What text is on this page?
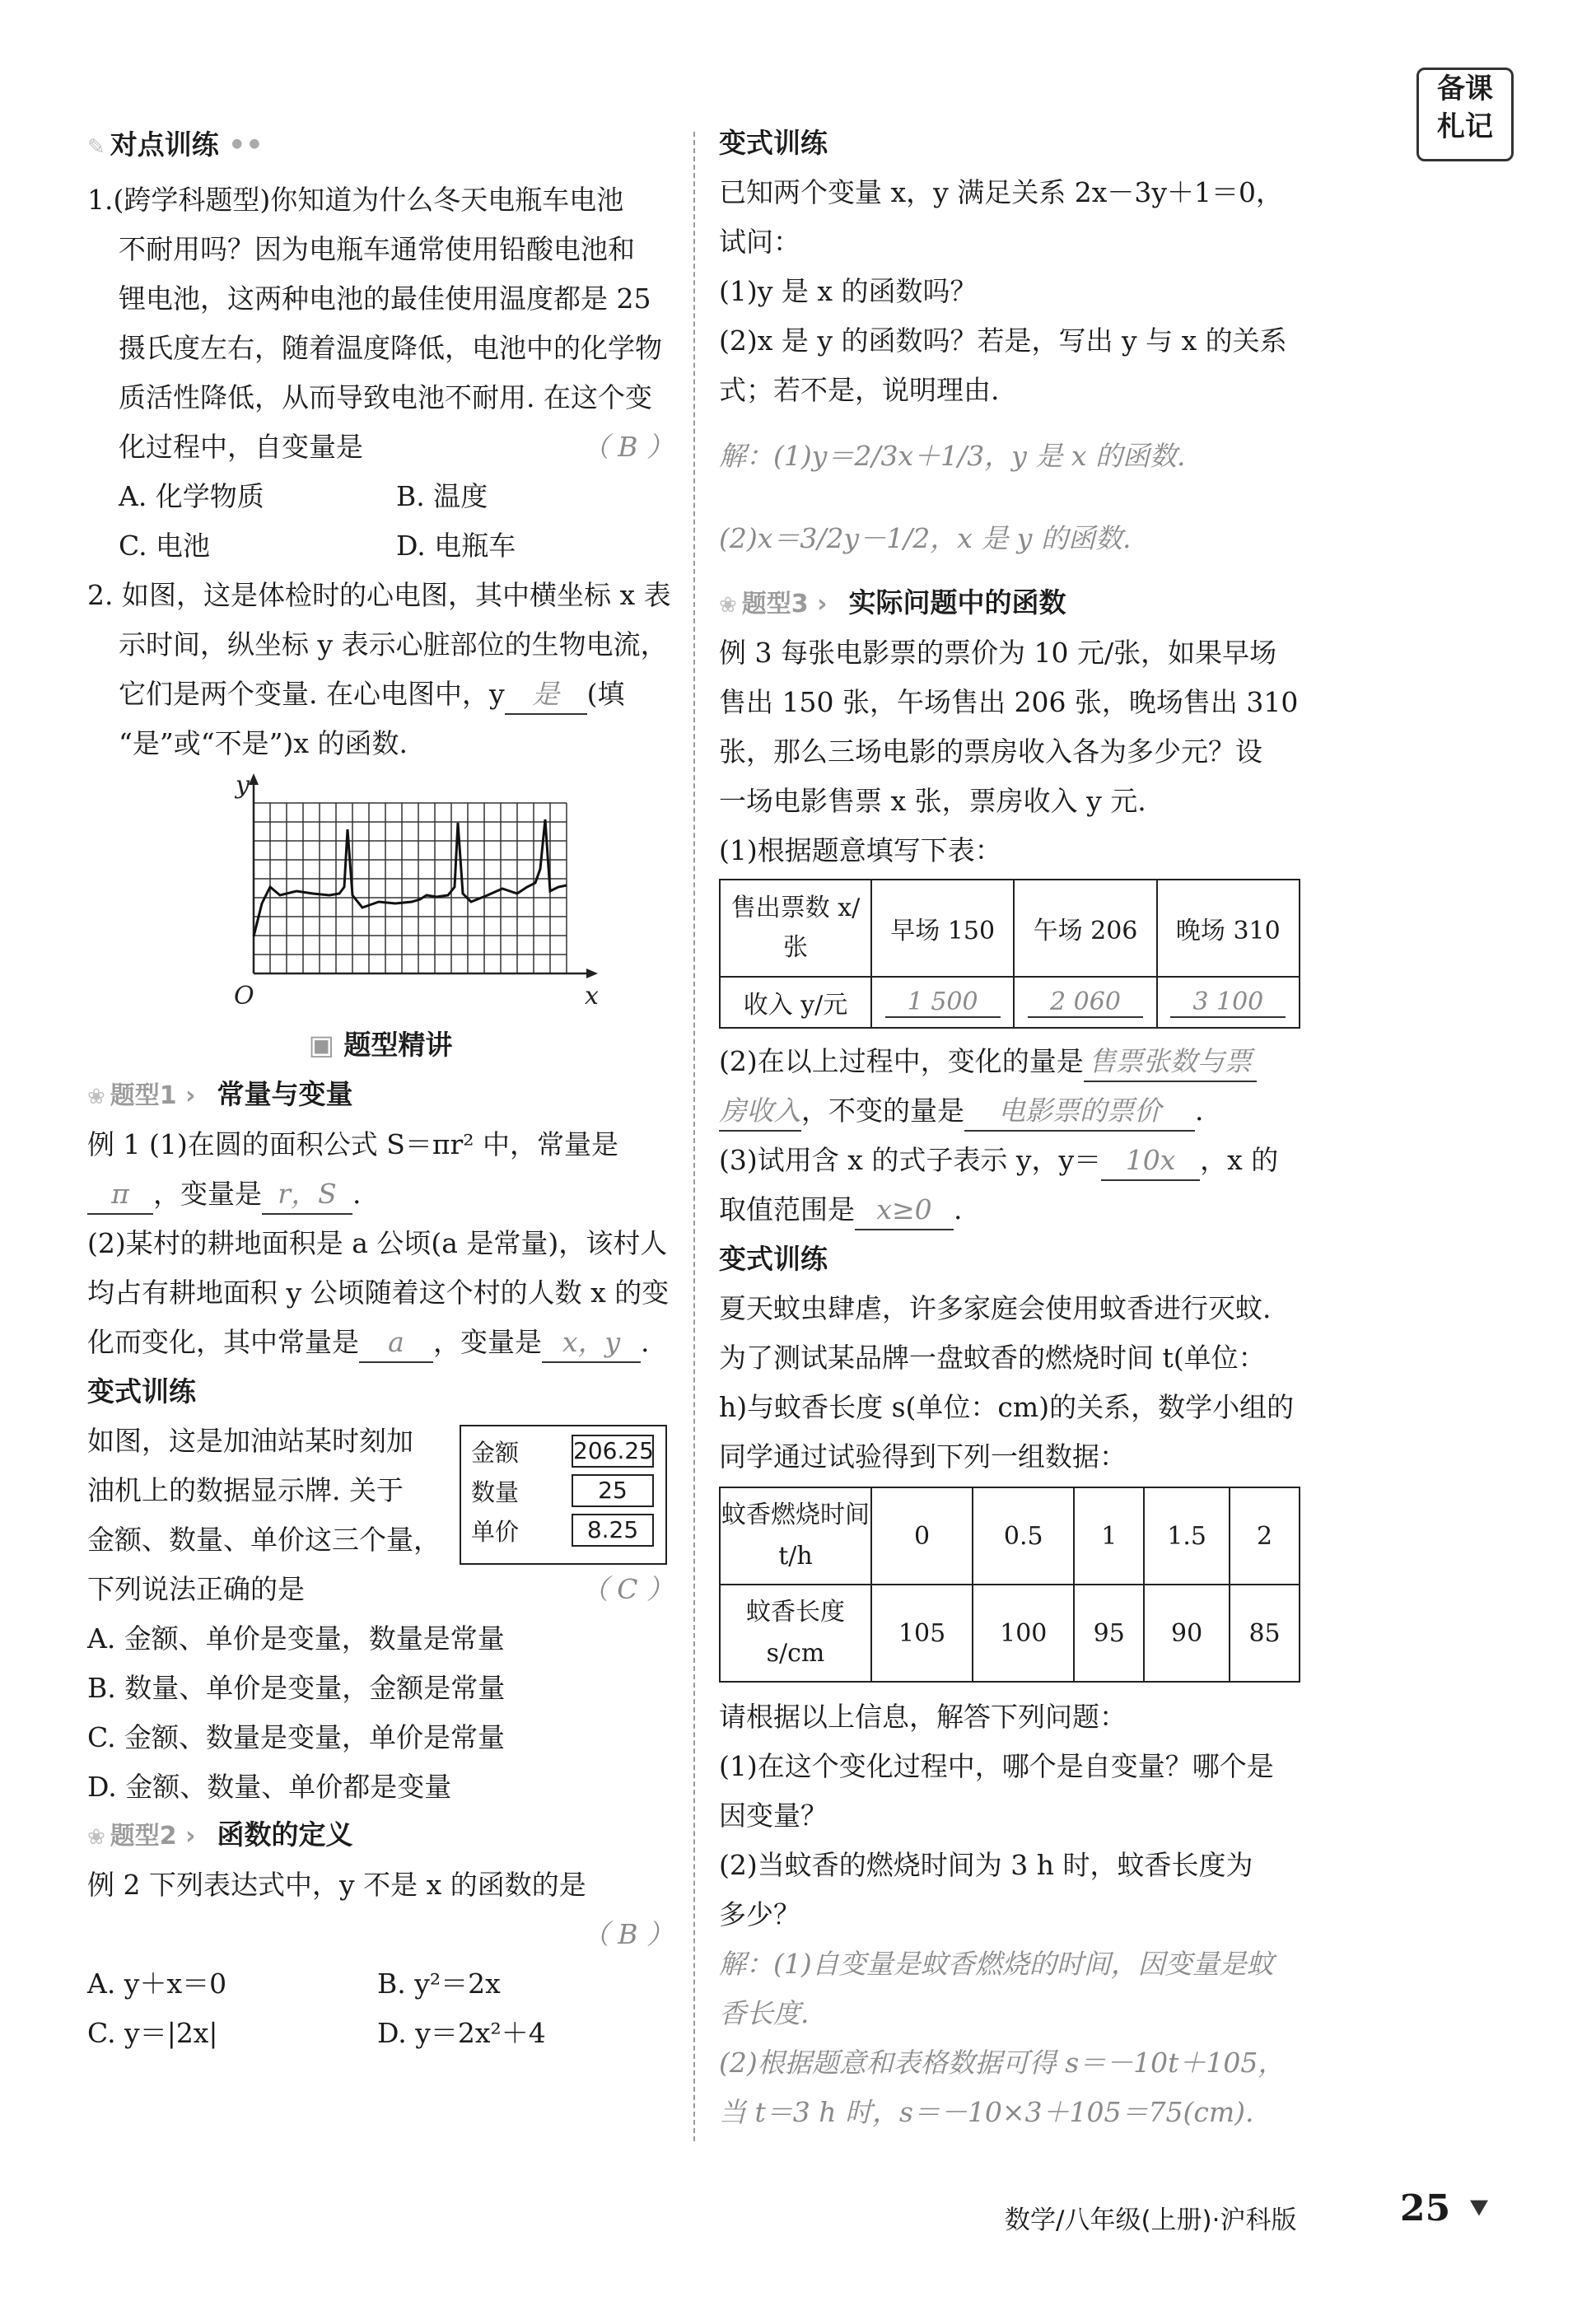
备课
札记
✎ 对点训练 ••

1.(跨学科题型)你知道为什么冬天电瓶车电池

不耐用吗？因为电瓶车通常使用铅酸电池和

锂电池，这两种电池的最佳使用温度都是 25

摄氏度左右，随着温度降低，电池中的化学物

质活性降低，从而导致电池不耐用. 在这个变

化过程中，自变量是	（ B ）

A. 化学物质	B. 温度
C. 电池	D. 电瓶车

2. 如图，这是体检时的心电图，其中横坐标 x 表

示时间，纵坐标 y 表示心脏部位的生物电流，

它们是两个变量. 在心电图中，y 是 (填

“是”或“不是”)x 的函数.

y
x
O
▣ 题型精讲
❀ 题型1 › 常量与变量

例 1 (1)在圆的面积公式 S＝πr² 中，常量是

π ，变量是 r，S .

(2)某村的耕地面积是 a 公顷(a 是常量)，该村人

均占有耕地面积 y 公顷随着这个村的人数 x 的变

化而变化，其中常量是 a ，变量是 x，y .

变式训练

如图，这是加油站某时刻加

油机上的数据显示牌. 关于

金额、数量、单价这三个量，

下列说法正确的是	（ C ）

金额 206.25
数量	25
单价	8.25

A. 金额、单价是变量，数量是常量

B. 数量、单价是变量，金额是常量

C. 金额、数量是变量，单价是常量

D. 金额、数量、单价都是变量

❀ 题型2 › 函数的定义

例 2 下列表达式中，y 不是 x 的函数的是

（ B ）

A. y＋x＝0	B. y²＝2x
C. y＝|2x|	D. y＝2x²＋4

变式训练

已知两个变量 x，y 满足关系 2x－3y＋1＝0，

试问：

(1)y 是 x 的函数吗？

(2)x 是 y 的函数吗？若是，写出 y 与 x 的关系

式；若不是，说明理由.

解：(1)y＝2/3x＋1/3，y 是 x 的函数.

(2)x＝3/2y－1/2，x 是 y 的函数.

❀ 题型3 › 实际问题中的函数

例 3 每张电影票的票价为 10 元/张，如果早场

售出 150 张，午场售出 206 张，晚场售出 310

张，那么三场电影的票房收入各为多少元？设

一场电影售票 x 张，票房收入 y 元.

(1)根据题意填写下表：

售出票数 x/张	早场 150	午场 206	晚场 310
收入 y/元	1 500	2 060	3 100

(2)在以上过程中，变化的量是 售票张数与票

房收入，不变的量是 电影票的票价 .

(3)试用含 x 的式子表示 y，y＝ 10x ，x 的

取值范围是 x≥0 .

变式训练

夏天蚊虫肆虐，许多家庭会使用蚊香进行灭蚊.

为了测试某品牌一盘蚊香的燃烧时间 t(单位：

h)与蚊香长度 s(单位：cm)的关系，数学小组的

同学通过试验得到下列一组数据：

蚊香燃烧时间 t/h	0	0.5	1	1.5	2
蚊香长度 s/cm	105	100	95	90	85

请根据以上信息，解答下列问题：

(1)在这个变化过程中，哪个是自变量？哪个是

因变量？

(2)当蚊香的燃烧时间为 3 h 时，蚊香长度为

多少？

解：(1)自变量是蚊香燃烧的时间，因变量是蚊

香长度.

(2)根据题意和表格数据可得 s＝－10t＋105，

当 t＝3 h 时，s＝－10×3＋105＝75(cm).

数学/八年级(上册)·沪科版	25 ⯆
